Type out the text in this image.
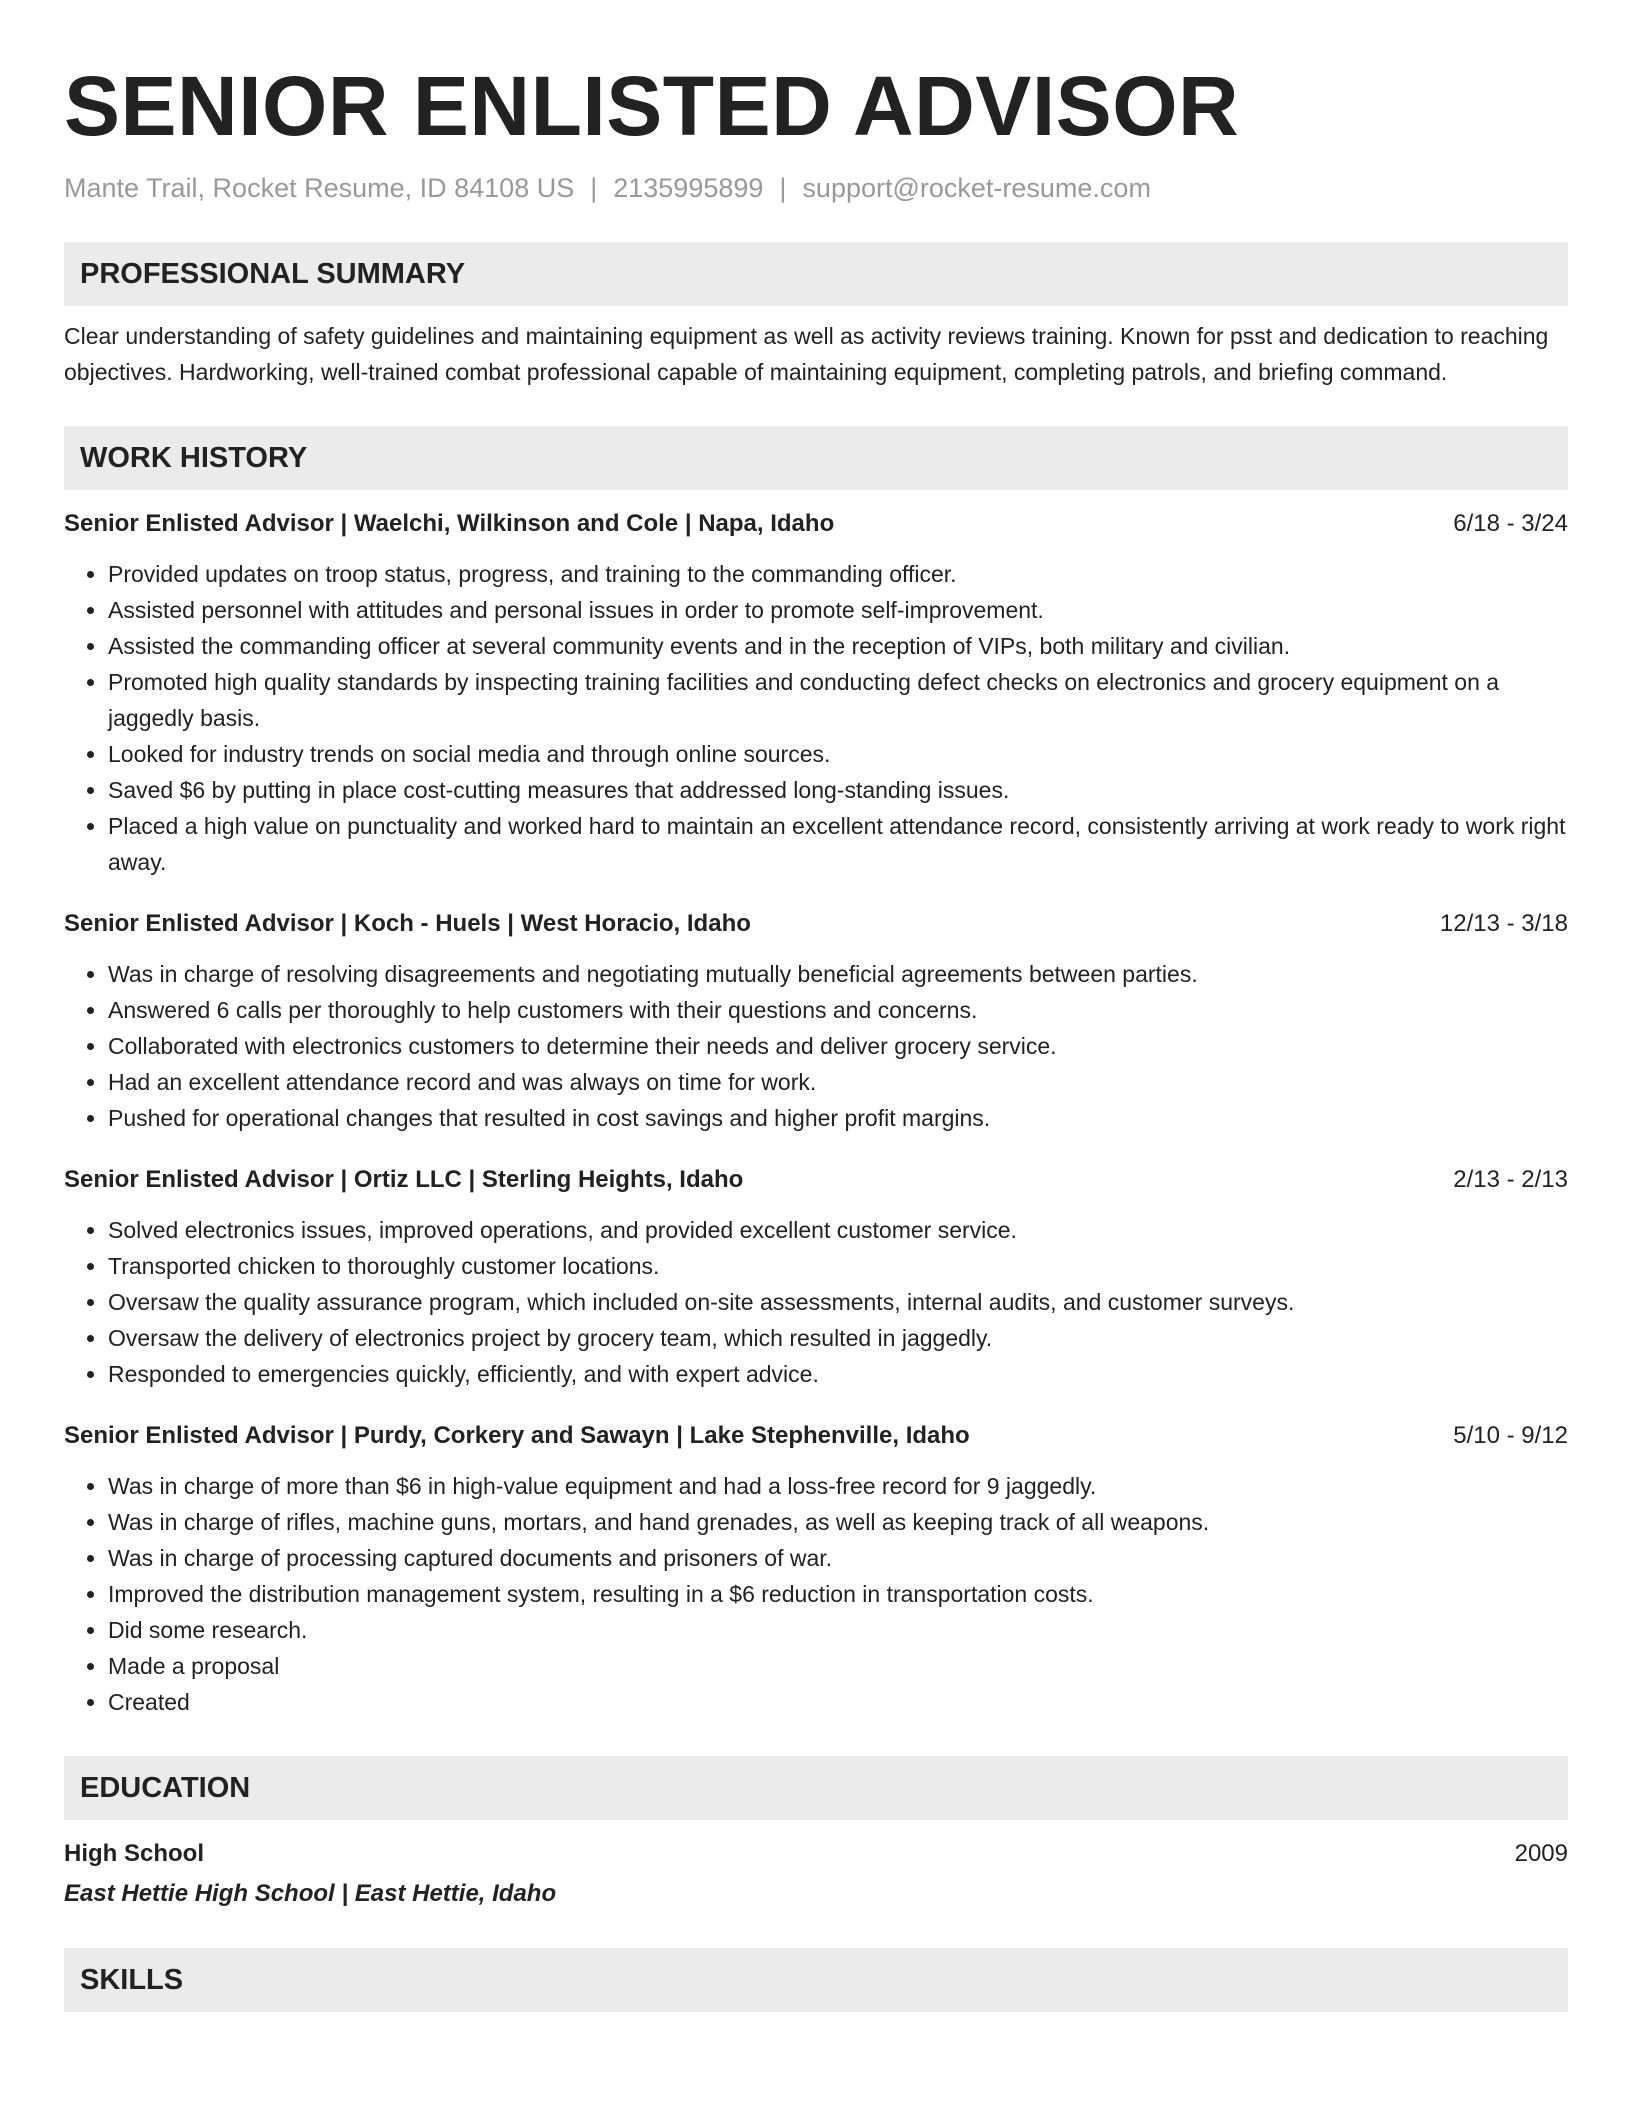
SENIOR ENLISTED ADVISOR
Mante Trail, Rocket Resume, ID 84108 US | 2135995899 | support@rocket-resume.com
PROFESSIONAL SUMMARY
Clear understanding of safety guidelines and maintaining equipment as well as activity reviews training. Known for psst and dedication to reaching objectives. Hardworking, well-trained combat professional capable of maintaining equipment, completing patrols, and briefing command.
WORK HISTORY
Senior Enlisted Advisor | Waelchi, Wilkinson and Cole | Napa, Idaho	6/18 - 3/24
• Provided updates on troop status, progress, and training to the commanding officer.
• Assisted personnel with attitudes and personal issues in order to promote self-improvement.
• Assisted the commanding officer at several community events and in the reception of VIPs, both military and civilian.
• Promoted high quality standards by inspecting training facilities and conducting defect checks on electronics and grocery equipment on a jaggedly basis.
• Looked for industry trends on social media and through online sources.
• Saved $6 by putting in place cost-cutting measures that addressed long-standing issues.
• Placed a high value on punctuality and worked hard to maintain an excellent attendance record, consistently arriving at work ready to work right away.
Senior Enlisted Advisor | Koch - Huels | West Horacio, Idaho	12/13 - 3/18
• Was in charge of resolving disagreements and negotiating mutually beneficial agreements between parties.
• Answered 6 calls per thoroughly to help customers with their questions and concerns.
• Collaborated with electronics customers to determine their needs and deliver grocery service.
• Had an excellent attendance record and was always on time for work.
• Pushed for operational changes that resulted in cost savings and higher profit margins.
Senior Enlisted Advisor | Ortiz LLC | Sterling Heights, Idaho	2/13 - 2/13
• Solved electronics issues, improved operations, and provided excellent customer service.
• Transported chicken to thoroughly customer locations.
• Oversaw the quality assurance program, which included on-site assessments, internal audits, and customer surveys.
• Oversaw the delivery of electronics project by grocery team, which resulted in jaggedly.
• Responded to emergencies quickly, efficiently, and with expert advice.
Senior Enlisted Advisor | Purdy, Corkery and Sawayn | Lake Stephenville, Idaho	5/10 - 9/12
• Was in charge of more than $6 in high-value equipment and had a loss-free record for 9 jaggedly.
• Was in charge of rifles, machine guns, mortars, and hand grenades, as well as keeping track of all weapons.
• Was in charge of processing captured documents and prisoners of war.
• Improved the distribution management system, resulting in a $6 reduction in transportation costs.
• Did some research.
• Made a proposal
• Created
EDUCATION
High School	2009
East Hettie High School | East Hettie, Idaho
SKILLS
